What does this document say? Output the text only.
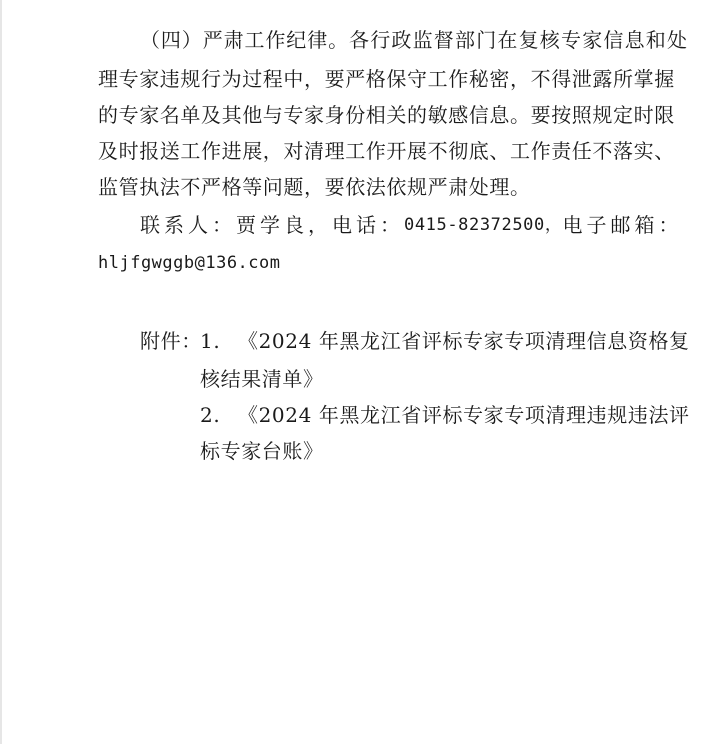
（四）严肃工作纪律。各行政监督部门在复核专家信息和处
理专家违规行为过程中，要严格保守工作秘密，不得泄露所掌握
的专家名单及其他与专家身份相关的敏感信息。要按照规定时限
及时报送工作进展，对清理工作开展不彻底、工作责任不落实、
监管执法不严格等问题，要依法依规严肃处理。
联系人： 贾学良， 电话： 0415-82372500， 电子邮箱：
hljfgwggb@136.com
附件：
1. 《2024 年黑龙江省评标专家专项清理信息资格复
核结果清单》
2. 《2024 年黑龙江省评标专家专项清理违规违法评
标专家台账》
